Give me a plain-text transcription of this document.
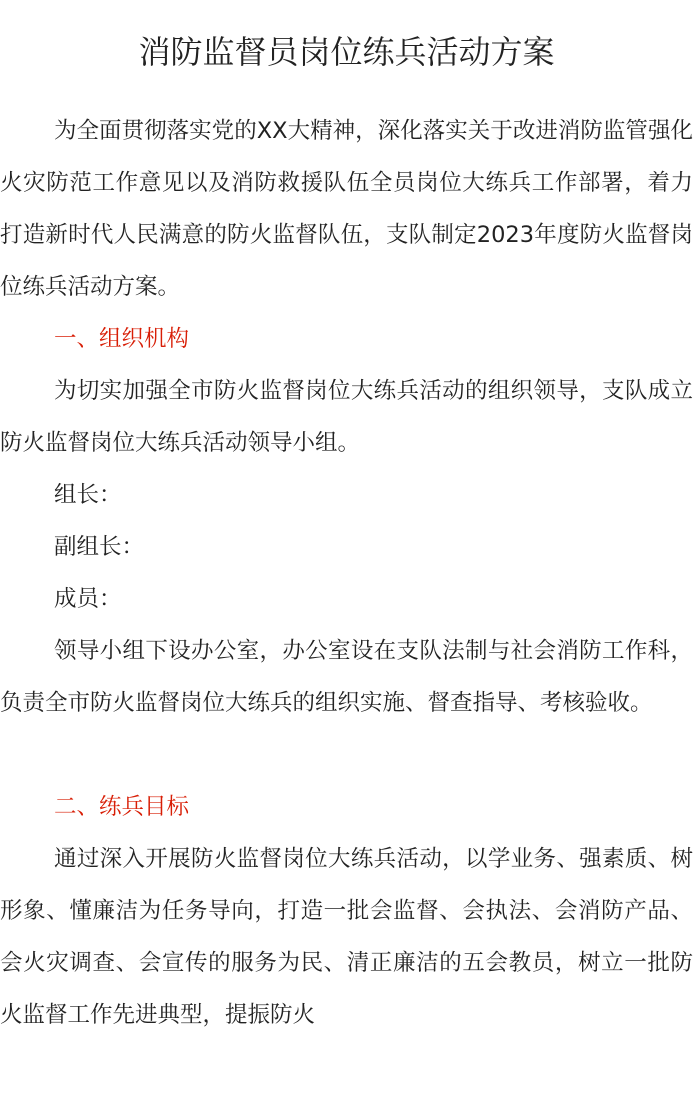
消防监督员岗位练兵活动方案
为全面贯彻落实党的XX大精神，深化落实关于改进消防监管强化火灾防范工作意见以及消防救援队伍全员岗位大练兵工作部署，着力打造新时代人民满意的防火监督队伍，支队制定2023年度防火监督岗位练兵活动方案。
一、组织机构
为切实加强全市防火监督岗位大练兵活动的组织领导，支队成立防火监督岗位大练兵活动领导小组。
组长：
副组长：
成员：
领导小组下设办公室，办公室设在支队法制与社会消防工作科，负责全市防火监督岗位大练兵的组织实施、督查指导、考核验收。
二、练兵目标
通过深入开展防火监督岗位大练兵活动，以学业务、强素质、树形象、懂廉洁为任务导向，打造一批会监督、会执法、会消防产品、会火灾调查、会宣传的服务为民、清正廉洁的五会教员，树立一批防火监督工作先进典型，提振防火
